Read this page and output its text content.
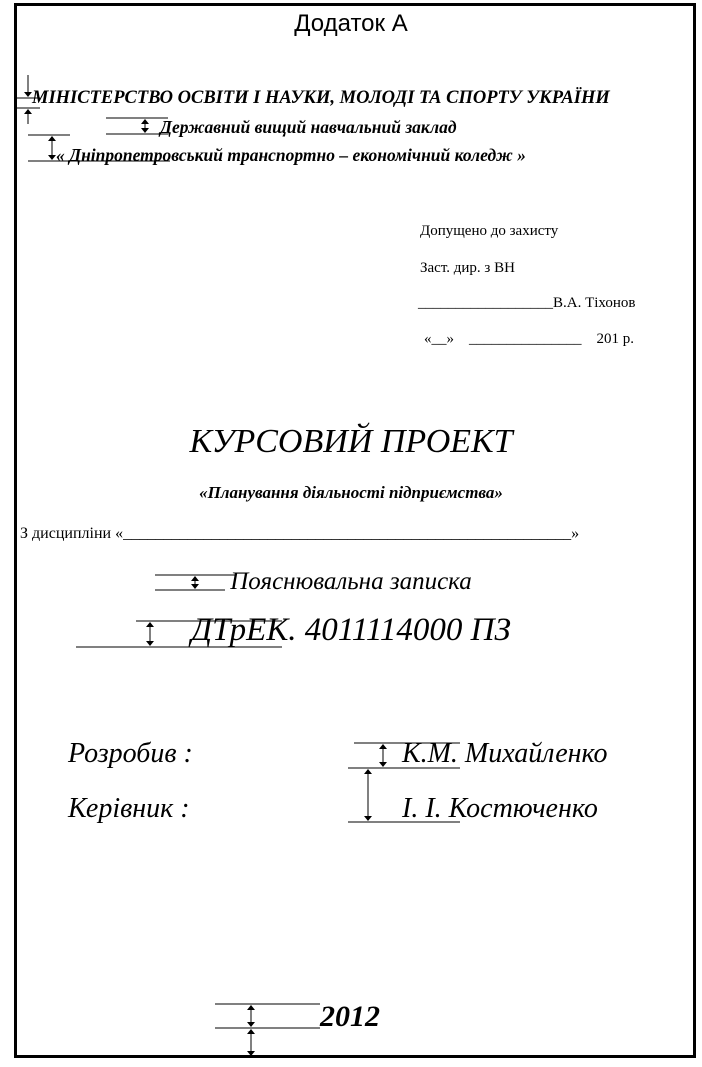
Додаток А
МІНІСТЕРСТВО ОСВІТИ І НАУКИ, МОЛОДІ ТА СПОРТУ УКРАЇНИ
Державний вищий навчальний заклад
« Дніпропетровський транспортно – економічний коледж »
Допущено до захисту
Заст. дир. з ВН
__________________В.А. Тіхонов
«__» _______________ 201 р.
КУРСОВИЙ ПРОЕКТ
«Планування діяльності підприємства»
З дисципліни «________________________________________________________»
Пояснювальна записка
ДТрЕК. 4011114000 ПЗ
Розробив :	К.М. Михайленко
Керівник :	І. І. Костюченко
2012
